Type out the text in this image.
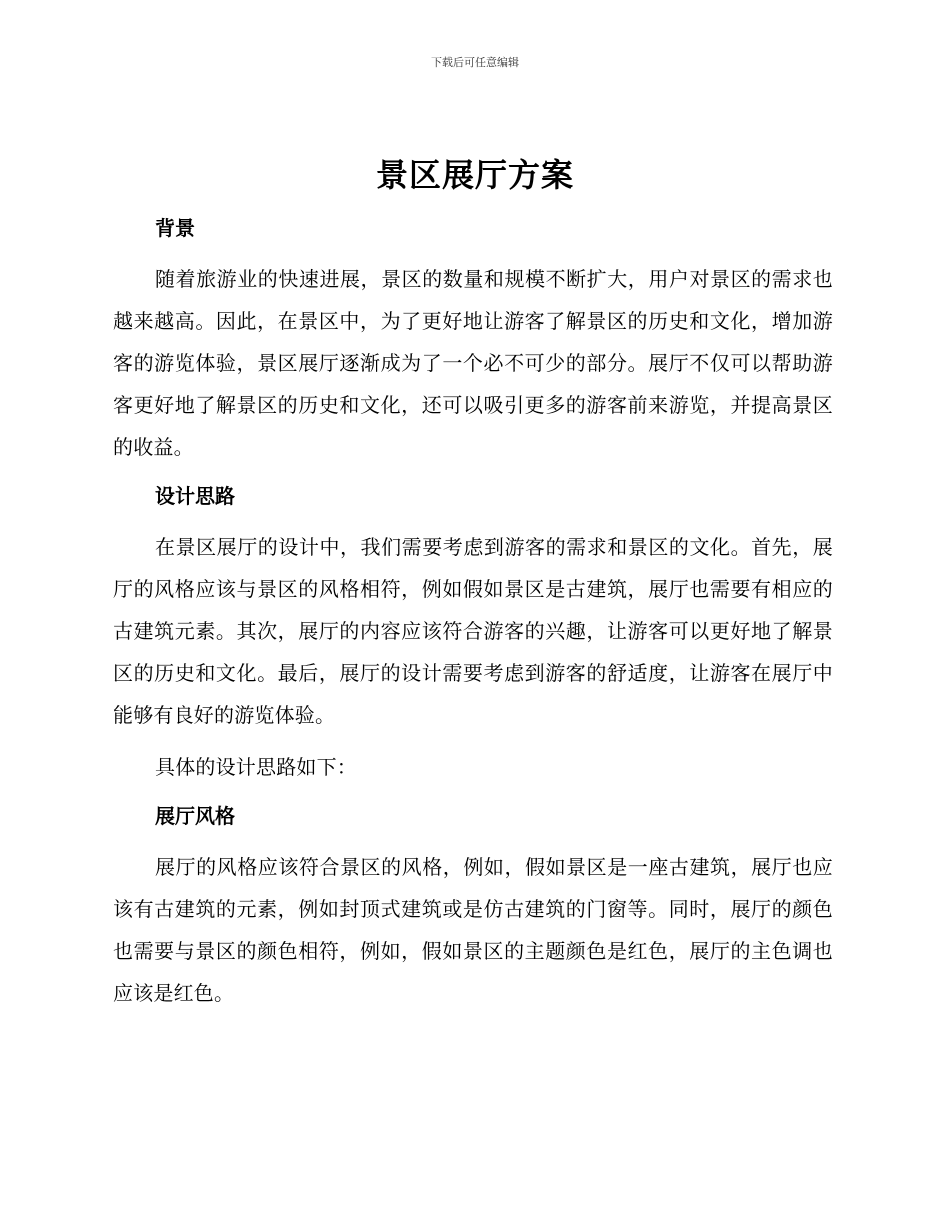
下载后可任意编辑
景区展厅方案
背景

随着旅游业的快速进展，景区的数量和规模不断扩大，用户对景区的需求也越来越高。因此，在景区中，为了更好地让游客了解景区的历史和文化，增加游客的游览体验，景区展厅逐渐成为了一个必不可少的部分。展厅不仅可以帮助游客更好地了解景区的历史和文化，还可以吸引更多的游客前来游览，并提高景区的收益。

设计思路

在景区展厅的设计中，我们需要考虑到游客的需求和景区的文化。首先，展厅的风格应该与景区的风格相符，例如假如景区是古建筑，展厅也需要有相应的古建筑元素。其次，展厅的内容应该符合游客的兴趣，让游客可以更好地了解景区的历史和文化。最后，展厅的设计需要考虑到游客的舒适度，让游客在展厅中能够有良好的游览体验。

具体的设计思路如下：

展厅风格

展厅的风格应该符合景区的风格，例如，假如景区是一座古建筑，展厅也应该有古建筑的元素，例如封顶式建筑或是仿古建筑的门窗等。同时，展厅的颜色也需要与景区的颜色相符，例如，假如景区的主题颜色是红色，展厅的主色调也应该是红色。
